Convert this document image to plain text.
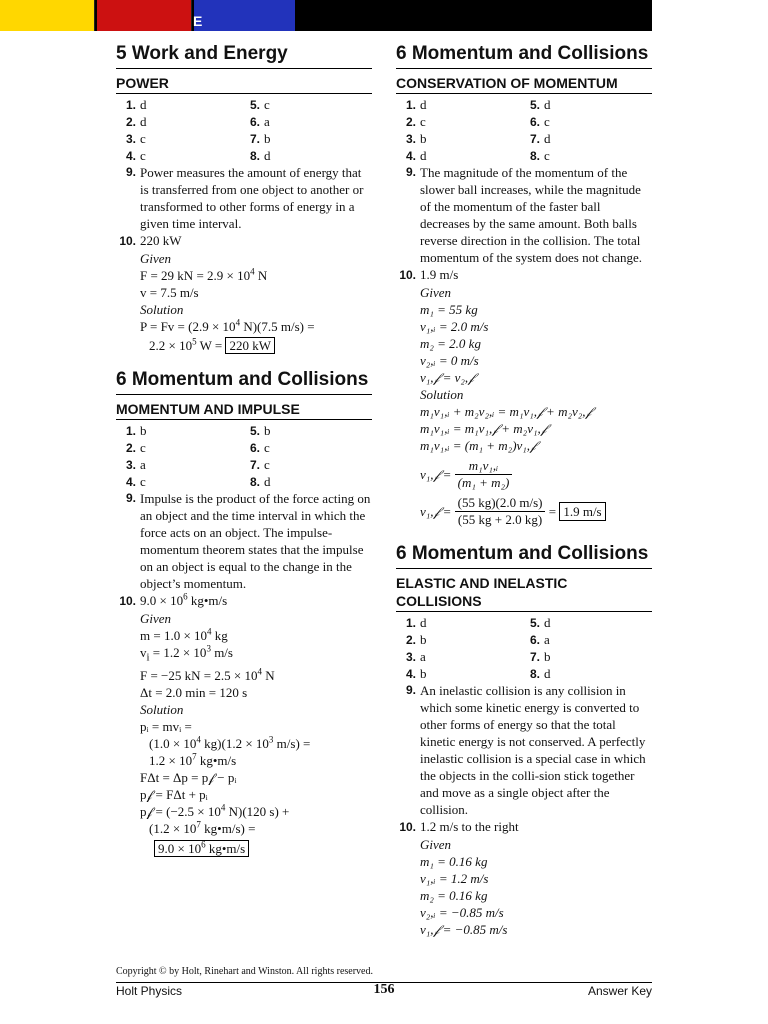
E
5 Work and Energy
POWER
1. d	5. c
2. d	6. a
3. c	7. b
4. c	8. d
9. Power measures the amount of energy that is transferred from one object to another or transformed to other forms of energy in a given time interval.
10. 220 kW
Given
F = 29 kN = $2.9 \times 10^4$ N
v = 7.5 m/s
Solution
$P = Fv = (2.9 \times 10^4$ N)(7.5 m/s) =
$2.2 \times 10^5$ W = 220 kW
6 Momentum and Collisions
MOMENTUM AND IMPULSE
1. b	5. b
2. c	6. c
3. a	7. c
4. c	8. d
9. Impulse is the product of the force acting on an object and the time interval in which the force acts on an object. The impulse-momentum theorem states that the impulse on an object is equal to the change in the object’s momentum.
10. $9.0 \times 10^6$ kg•m/s
Given
$m = 1.0 \times 10^4$ kg
$v_i = 1.2 \times 10^3$ m/s
F = −25 kN = $2.5 \times 10^4$ N
Δt = 2.0 min = 120 s
Solution
pᵢ = mvᵢ =
($1.0 \times 10^4$ $kg)(1.2 \times 10^3$ m/s) =
$1.2 \times 10^7$ kg•m/s
FΔt = Δp = p𝒻 − pᵢ
p𝒻 = FΔt + pᵢ
p𝒻 = ($-2.5 \times 10^4$ N)(120 s) +
($1.2 \times 10^7$ kg•m/s) =
$9.0 \times 10^6$ kg•m/s
6 Momentum and Collisions
CONSERVATION OF MOMENTUM
1. d	5. d
2. c	6. c
3. b	7. d
4. d	8. c
9. The magnitude of the momentum of the slower ball increases, while the magnitude of the momentum of the faster ball decreases by the same amount. Both balls reverse direction in the collision. The total momentum of the system does not change.
10. 1.9 m/s
Given
m₁ = 55 kg
v₁,ᵢ = 2.0 m/s
m₂ = 2.0 kg
v₂,ᵢ = 0 m/s
v₁,𝒻 = v₂,𝒻
Solution
m₁v₁,ᵢ + m₂v₂,ᵢ = m₁v₁,𝒻 + m₂v₂,𝒻
m₁v₁,ᵢ = m₁v₁,𝒻 + m₂v₁,𝒻
m₁v₁,ᵢ = (m₁ + m₂)v₁,𝒻
v₁,𝒻 =
$\frac{\text{m₁v₁,ᵢ}}{\text{(m₁ + m₂)}}$
v₁,𝒻 =
$\frac{(55 kg)(2.0 m/s)}{(55 kg + 2.0 kg)} = 1.9$ m/s
6 Momentum and Collisions
ELASTIC AND INELASTIC COLLISIONS
1. d	5. d
2. b	6. a
3. a	7. b
4. b	8. d
9. An inelastic collision is any collision in which some kinetic energy is converted to other forms of energy so that the total kinetic energy is not conserved. A perfectly inelastic collision is a special case in which the objects in the colli-sion stick together and move as a single object after the collision.
10. 1.2 m/s to the right
Given
m₁ = 0.16 kg
v₁,ᵢ = 1.2 m/s
m₂ = 0.16 kg
v₂,ᵢ = −0.85 m/s
v₁,𝒻 = −0.85 m/s
Copyright © by Holt, Rinehart and Winston. All rights reserved.
Holt Physics	156	Answer Key
